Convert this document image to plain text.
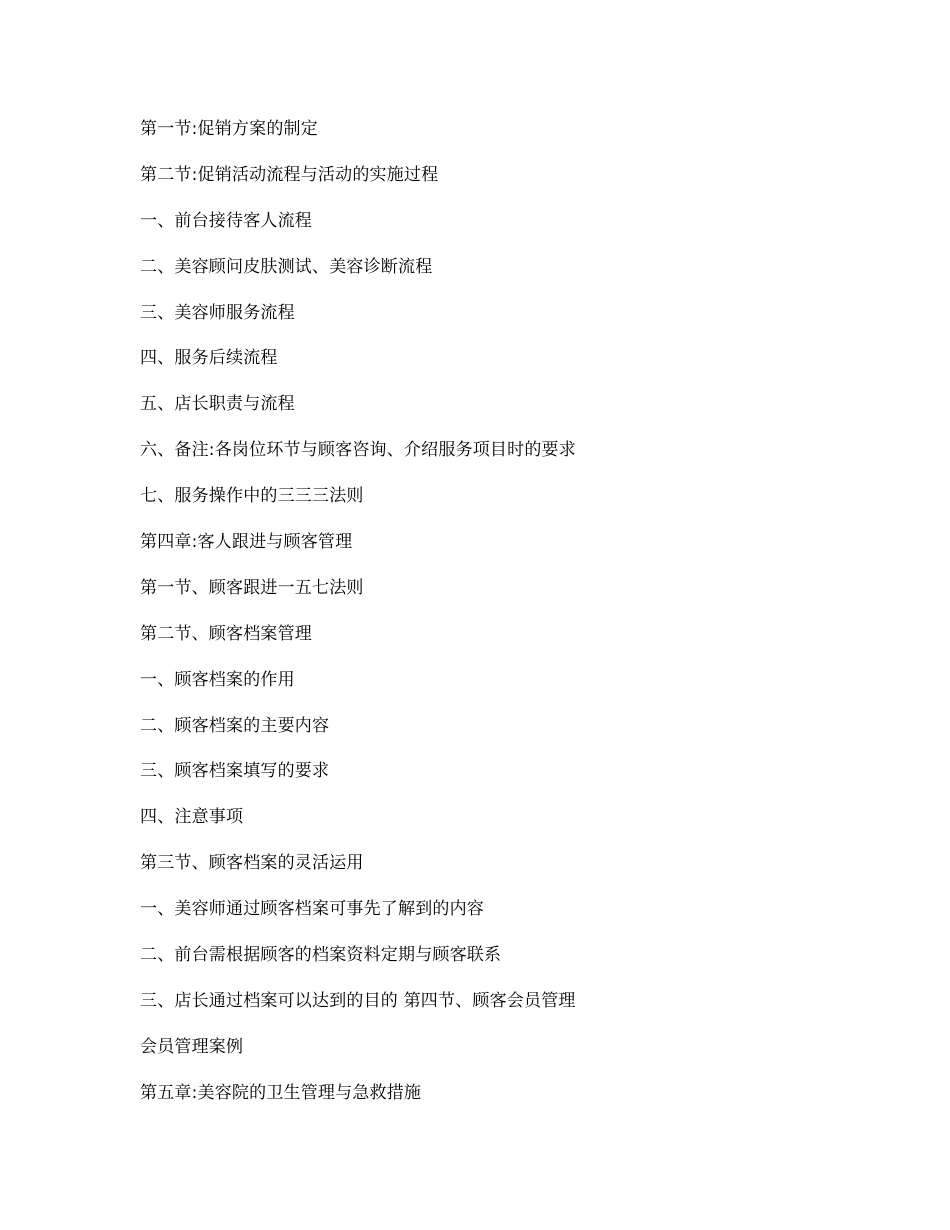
第一节:促销方案的制定
第二节:促销活动流程与活动的实施过程
一、前台接待客人流程
二、美容顾问皮肤测试、美容诊断流程
三、美容师服务流程
四、服务后续流程
五、店长职责与流程
六、备注:各岗位环节与顾客咨询、介绍服务项目时的要求
七、服务操作中的三三三法则
第四章:客人跟进与顾客管理
第一节、顾客跟进一五七法则
第二节、顾客档案管理
一、顾客档案的作用
二、顾客档案的主要内容
三、顾客档案填写的要求
四、注意事项
第三节、顾客档案的灵活运用
一、美容师通过顾客档案可事先了解到的内容
二、前台需根据顾客的档案资料定期与顾客联系
三、店长通过档案可以达到的目的 第四节、顾客会员管理
会员管理案例
第五章:美容院的卫生管理与急救措施
